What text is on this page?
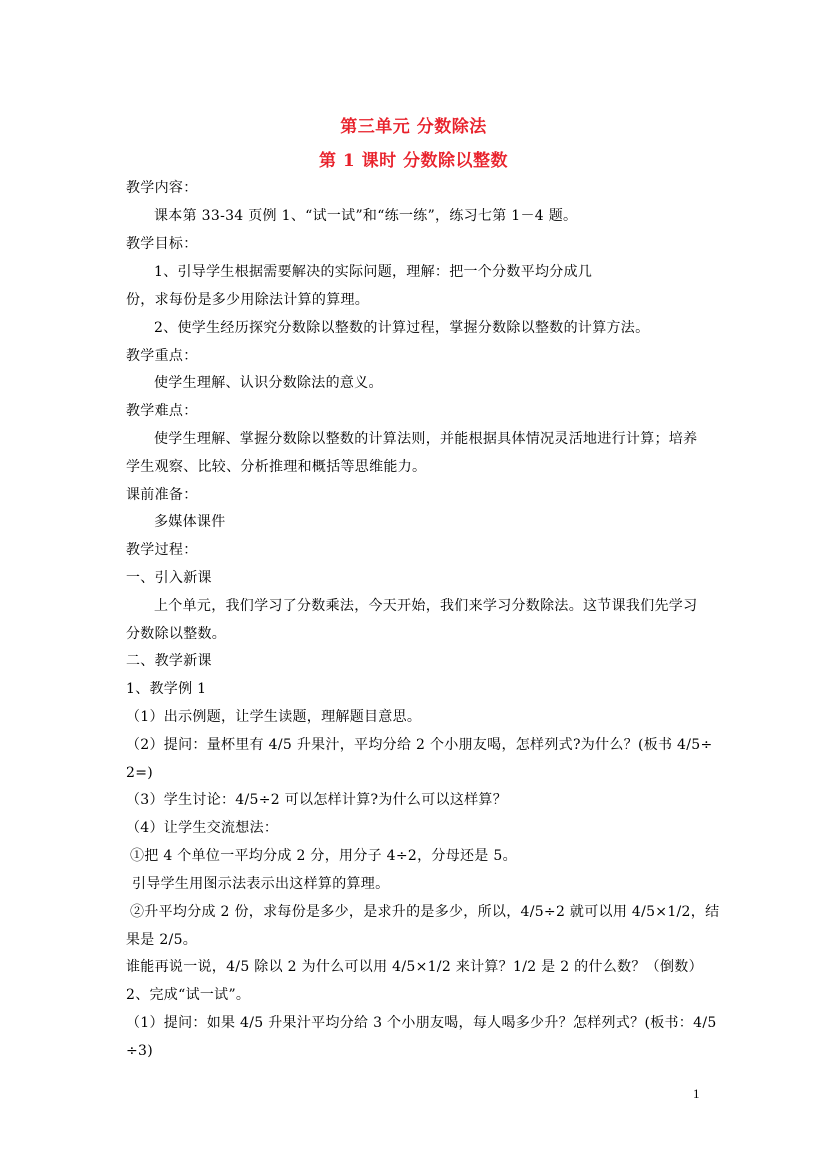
第三单元 分数除法
第 1 课时 分数除以整数
教学内容：
课本第 33-34 页例 1、“试一试”和“练一练”，练习七第 1－4 题。
教学目标：
1、引导学生根据需要解决的实际问题，理解：把一个分数平均分成几
份，求每份是多少用除法计算的算理。
2、使学生经历探究分数除以整数的计算过程，掌握分数除以整数的计算方法。
教学重点：
使学生理解、认识分数除法的意义。
教学难点：
使学生理解、掌握分数除以整数的计算法则，并能根据具体情况灵活地进行计算；培养
学生观察、比较、分析推理和概括等思维能力。
课前准备：
多媒体课件
教学过程：
一、引入新课
上个单元，我们学习了分数乘法，今天开始，我们来学习分数除法。这节课我们先学习
分数除以整数。
二、教学新课
1、教学例 1
（1）出示例题，让学生读题，理解题目意思。
（2）提问：量杯里有 4/5 升果汁，平均分给 2 个小朋友喝，怎样列式?为什么？(板书 4/5÷
2=)
（3）学生讨论：4/5÷2 可以怎样计算?为什么可以这样算？
（4）让学生交流想法：
①把 4 个单位一平均分成 2 分，用分子 4÷2，分母还是 5。
引导学生用图示法表示出这样算的算理。
②升平均分成 2 份，求每份是多少，是求升的是多少，所以，4/5÷2 就可以用 4/5×1/2，结
果是 2/5。
谁能再说一说，4/5 除以 2 为什么可以用 4/5×1/2 来计算？1/2 是 2 的什么数？（倒数）
2、完成“试一试”。
（1）提问：如果 4/5 升果汁平均分给 3 个小朋友喝，每人喝多少升？怎样列式？(板书：4/5
÷3)
1
